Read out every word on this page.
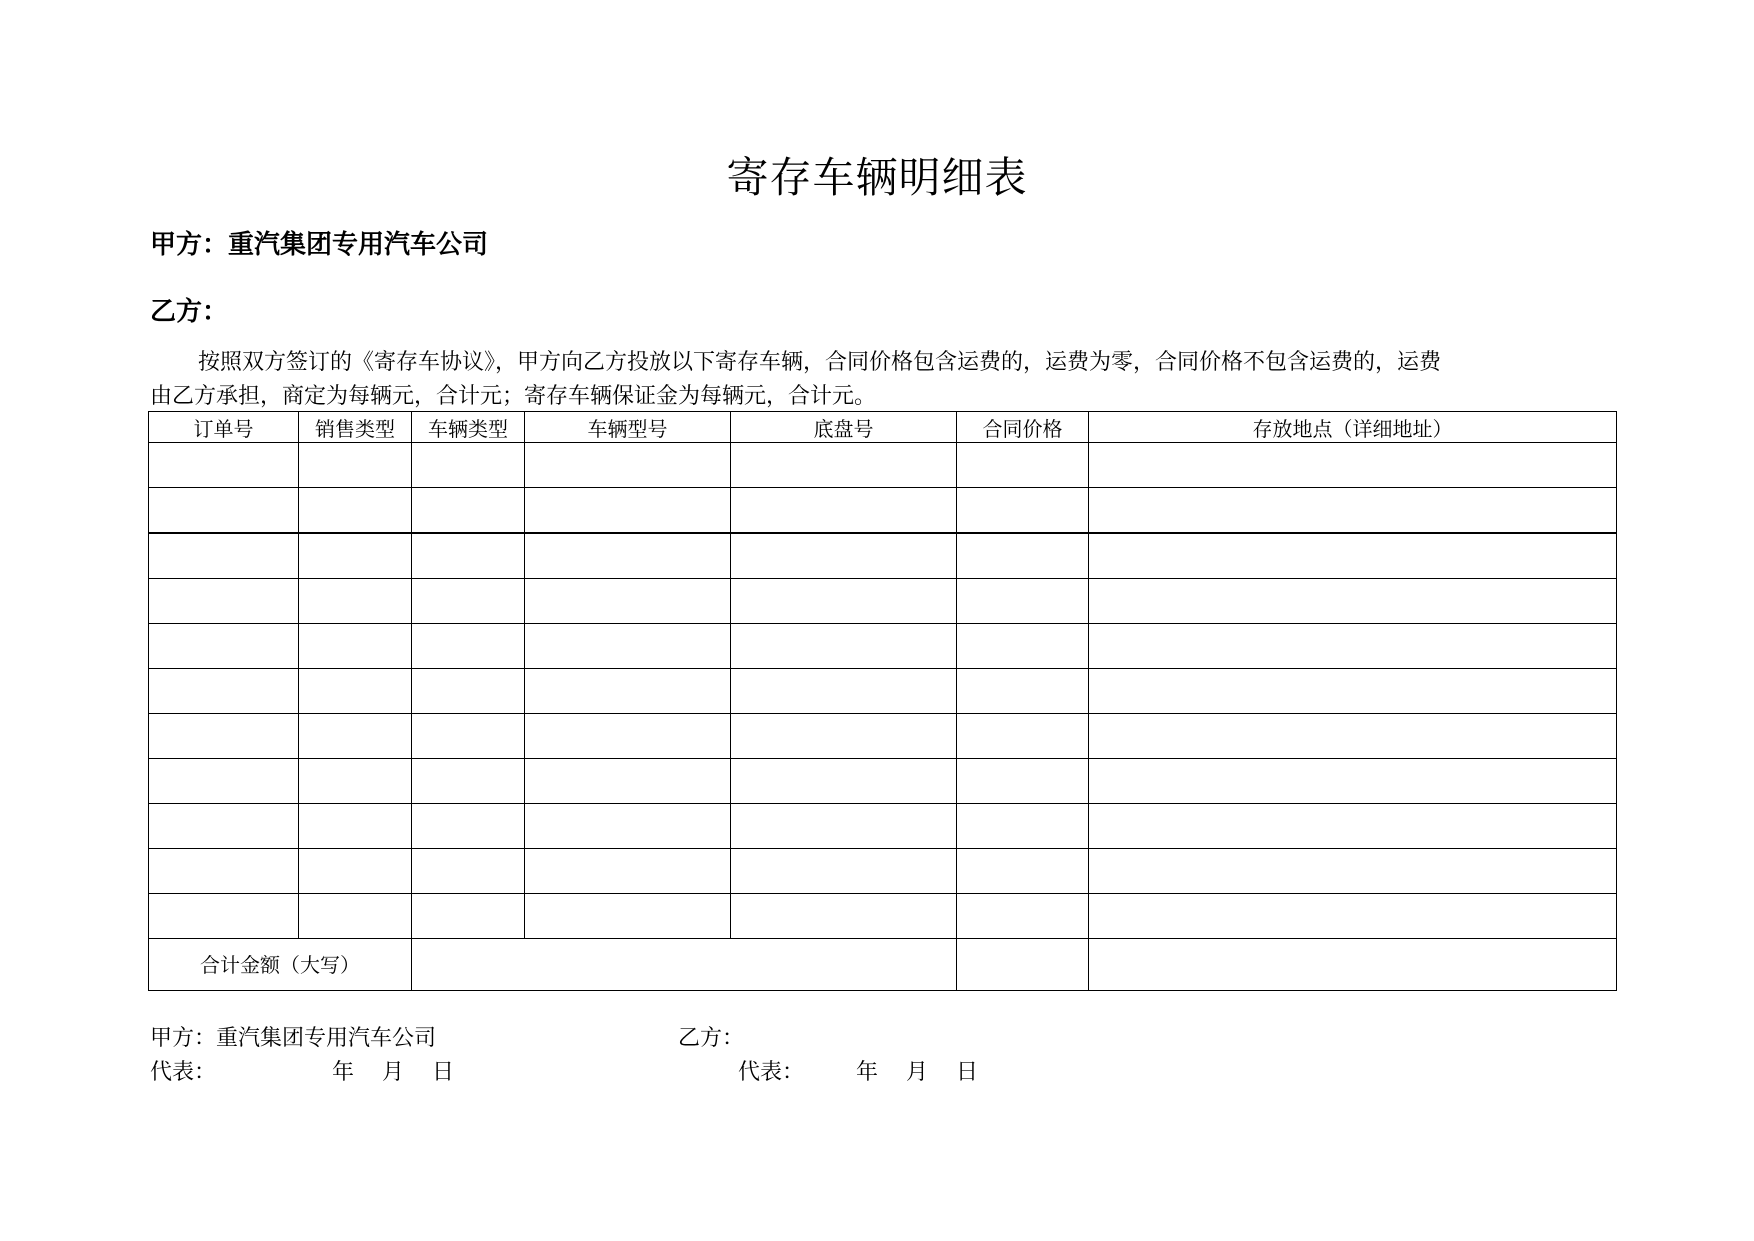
寄存车辆明细表
甲方：重汽集团专用汽车公司
乙方：
按照双方签订的《寄存车协议》，甲方向乙方投放以下寄存车辆，合同价格包含运费的，运费为零，合同价格不包含运费的，运费
由乙方承担，商定为每辆元，合计元；寄存车辆保证金为每辆元，合计元。
订单号	销售类型	车辆类型	车辆型号	底盘号	合同价格	存放地点（详细地址）

合计金额（大写）						

甲方：重汽集团专用汽车公司
代表：	年 月 日
乙方：
代表： 年 月 日
